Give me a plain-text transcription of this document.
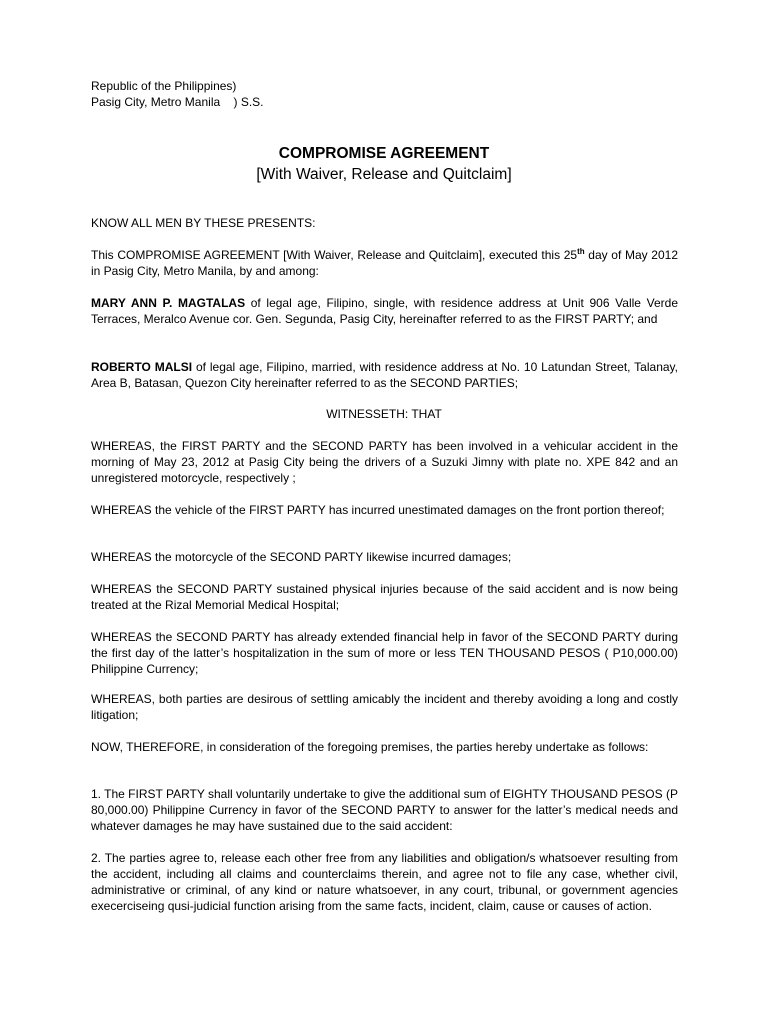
Republic of the Philippines)
Pasig City, Metro Manila    ) S.S.
COMPROMISE AGREEMENT
[With Waiver, Release and Quitclaim]
KNOW ALL MEN BY THESE PRESENTS:
This COMPROMISE AGREEMENT [With Waiver, Release and Quitclaim], executed this 25th day of May 2012 in Pasig City, Metro Manila, by and among:
MARY ANN P. MAGTALAS of legal age, Filipino, single, with residence address at Unit 906 Valle Verde Terraces, Meralco Avenue cor. Gen. Segunda, Pasig City, hereinafter referred to as the FIRST PARTY; and
ROBERTO MALSI of legal age, Filipino, married, with residence address at No. 10 Latundan Street, Talanay, Area B, Batasan, Quezon City hereinafter referred to as the SECOND PARTIES;
WITNESSETH: THAT
WHEREAS, the FIRST PARTY and the SECOND PARTY has been involved in a vehicular accident in the morning of May 23, 2012 at Pasig City being the drivers of a Suzuki Jimny with plate no. XPE 842 and an unregistered motorcycle, respectively ;
WHEREAS the vehicle of the FIRST PARTY has incurred unestimated damages on the front portion thereof;
WHEREAS the motorcycle of the SECOND PARTY likewise incurred damages;
WHEREAS the SECOND PARTY sustained physical injuries because of the said accident and is now being treated at the Rizal Memorial Medical Hospital;
WHEREAS the SECOND PARTY has already extended financial help in favor of the SECOND PARTY during the first day of the latter’s hospitalization in the sum of more or less TEN THOUSAND PESOS ( P10,000.00) Philippine Currency;
WHEREAS, both parties are desirous of settling amicably the incident and thereby avoiding a long and costly litigation;
NOW, THEREFORE, in consideration of the foregoing premises, the parties hereby undertake as follows:
1. The FIRST PARTY shall voluntarily undertake to give the additional sum of EIGHTY THOUSAND PESOS (P 80,000.00) Philippine Currency in favor of the SECOND PARTY to answer for the latter’s medical needs and whatever damages he may have sustained due to the said accident:
2. The parties agree to, release each other free from any liabilities and obligation/s whatsoever resulting from the accident, including all claims and counterclaims therein, and agree not to file any case, whether civil, administrative or criminal, of any kind or nature whatsoever, in any court, tribunal, or government agencies execerciseing qusi-judicial function arising from the same facts, incident, claim, cause or causes of action.
